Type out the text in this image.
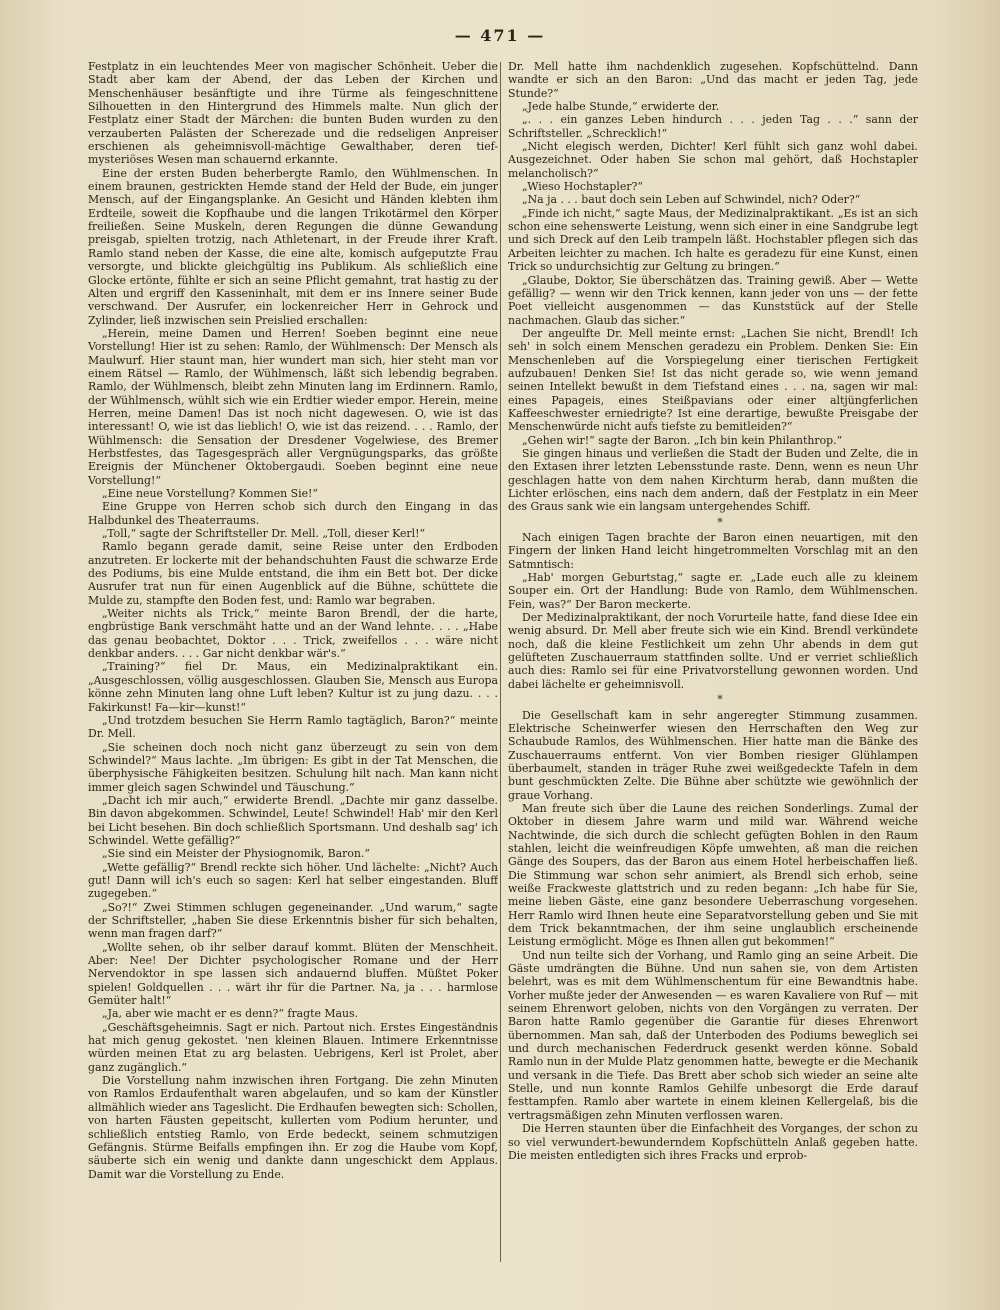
— 471 —

Festplatz in ein leuchtendes Meer von magischer Schönheit. Ueber die Stadt aber kam der Abend, der das Leben der Kirchen und Menschenhäuser besänftigte und ihre Türme als feingeschnittene Silhouetten in den Hintergrund des Himmels malte. Nun glich der Festplatz einer Stadt der Märchen: die bunten Buden wurden zu den verzauberten Palästen der Scherezade und die redseligen Anpreiser erschienen als geheimnisvoll-mächtige Gewalthaber, deren tief-mysteriöses Wesen man schauernd erkannte.

Eine der ersten Buden beherbergte Ramlo, den Wühlmenschen. In einem braunen, gestrickten Hemde stand der Held der Bude, ein junger Mensch, auf der Eingangsplanke. An Gesicht und Händen klebten ihm Erdteile, soweit die Kopfhaube und die langen Trikotärmel den Körper freiließen. Seine Muskeln, deren Regungen die dünne Gewandung preisgab, spielten trotzig, nach Athletenart, in der Freude ihrer Kraft. Ramlo stand neben der Kasse, die eine alte, komisch aufgeputzte Frau versorgte, und blickte gleichgültig ins Publikum. Als schließlich eine Glocke ertönte, fühlte er sich an seine Pflicht gemahnt, trat hastig zu der Alten und ergriff den Kasseninhalt, mit dem er ins Innere seiner Bude verschwand. Der Ausrufer, ein lockenreicher Herr in Gehrock und Zylinder, ließ inzwischen sein Preislied erschallen:

„Herein, meine Damen und Herren! Soeben beginnt eine neue Vorstellung! Hier ist zu sehen: Ramlo, der Wühlmensch: Der Mensch als Maulwurf. Hier staunt man, hier wundert man sich, hier steht man vor einem Rätsel — Ramlo, der Wühlmensch, läßt sich lebendig begraben. Ramlo, der Wühlmensch, bleibt zehn Minuten lang im Erdinnern. Ramlo, der Wühlmensch, wühlt sich wie ein Erdtier wieder empor. Herein, meine Herren, meine Damen! Das ist noch nicht dagewesen. O, wie ist das interessant! O, wie ist das lieblich! O, wie ist das reizend. . . . Ramlo, der Wühlmensch: die Sensation der Dresdener Vogelwiese, des Bremer Herbstfestes, das Tagesgespräch aller Vergnügungsparks, das größte Ereignis der Münchener Oktobergaudi. Soeben beginnt eine neue Vorstellung!“

„Eine neue Vorstellung? Kommen Sie!“

Eine Gruppe von Herren schob sich durch den Eingang in das Halbdunkel des Theaterraums.

„Toll,“ sagte der Schriftsteller Dr. Mell. „Toll, dieser Kerl!“

Ramlo begann gerade damit, seine Reise unter den Erdboden anzutreten. Er lockerte mit der behandschuhten Faust die schwarze Erde des Podiums, bis eine Mulde entstand, die ihm ein Bett bot. Der dicke Ausrufer trat nun für einen Augenblick auf die Bühne, schüttete die Mulde zu, stampfte den Boden fest, und: Ramlo war begraben.

„Weiter nichts als Trick,“ meinte Baron Brendl, der die harte, engbrüstige Bank verschmäht hatte und an der Wand lehnte. . . . „Habe das genau beobachtet, Doktor . . . Trick, zweifellos . . . wäre nicht denkbar anders. . . . Gar nicht denkbar wär's.“

„Training?“ fiel Dr. Maus, ein Medizinalpraktikant ein. „Ausgeschlossen, völlig ausgeschlossen. Glauben Sie, Mensch aus Europa könne zehn Minuten lang ohne Luft leben? Kultur ist zu jung dazu. . . . Fakirkunst! Fa—kir—kunst!“

„Und trotzdem besuchen Sie Herrn Ramlo tagtäglich, Baron?“ meinte Dr. Mell.

„Sie scheinen doch noch nicht ganz überzeugt zu sein von dem Schwindel?“ Maus lachte. „Im übrigen: Es gibt in der Tat Menschen, die überphysische Fähigkeiten besitzen. Schulung hilt nach. Man kann nicht immer gleich sagen Schwindel und Täuschung.“

„Dacht ich mir auch,“ erwiderte Brendl. „Dachte mir ganz dasselbe. Bin davon abgekommen. Schwindel, Leute! Schwindel! Hab' mir den Kerl bei Licht besehen. Bin doch schließlich Sportsmann. Und deshalb sag' ich Schwindel. Wette gefällig?“

„Sie sind ein Meister der Physiognomik, Baron.“

„Wette gefällig?“ Brendl reckte sich höher. Und lächelte: „Nicht? Auch gut! Dann will ich's euch so sagen: Kerl hat selber eingestanden. Bluff zugegeben.“

„So?!“ Zwei Stimmen schlugen gegeneinander. „Und warum,“ sagte der Schriftsteller, „haben Sie diese Erkenntnis bisher für sich behalten, wenn man fragen darf?“

„Wollte sehen, ob ihr selber darauf kommt. Blüten der Menschheit. Aber: Nee! Der Dichter psychologischer Romane und der Herr Nervendoktor in spe lassen sich andauernd bluffen. Müßtet Poker spielen! Goldquellen . . . wärt ihr für die Partner. Na, ja . . . harmlose Gemüter halt!“

„Ja, aber wie macht er es denn?“ fragte Maus.

„Geschäftsgeheimnis. Sagt er nich. Partout nich. Erstes Eingeständnis hat mich genug gekostet. 'nen kleinen Blauen. Intimere Erkenntnisse würden meinen Etat zu arg belasten. Uebrigens, Kerl ist Prolet, aber ganz zugänglich.“

Die Vorstellung nahm inzwischen ihren Fortgang. Die zehn Minuten von Ramlos Erdaufenthalt waren abgelaufen, und so kam der Künstler allmählich wieder ans Tageslicht. Die Erdhaufen bewegten sich: Schollen, von harten Fäusten gepeitscht, kullerten vom Podium herunter, und schließlich entstieg Ramlo, von Erde bedeckt, seinem schmutzigen Gefängnis. Stürme Beifalls empfingen ihn. Er zog die Haube vom Kopf, säuberte sich ein wenig und dankte dann ungeschickt dem Applaus. Damit war die Vorstellung zu Ende.

Dr. Mell hatte ihm nachdenklich zugesehen. Kopfschüttelnd. Dann wandte er sich an den Baron: „Und das macht er jeden Tag, jede Stunde?“

„Jede halbe Stunde,“ erwiderte der.

„. . . ein ganzes Leben hindurch . . . jeden Tag . . .“ sann der Schriftsteller. „Schrecklich!“

„Nicht elegisch werden, Dichter! Kerl fühlt sich ganz wohl dabei. Ausgezeichnet. Oder haben Sie schon mal gehört, daß Hochstapler melancholisch?“

„Wieso Hochstapler?“

„Na ja . . . baut doch sein Leben auf Schwindel, nich? Oder?“

„Finde ich nicht,“ sagte Maus, der Medizinalpraktikant. „Es ist an sich schon eine sehenswerte Leistung, wenn sich einer in eine Sandgrube legt und sich Dreck auf den Leib trampeln läßt. Hochstabler pflegen sich das Arbeiten leichter zu machen. Ich halte es geradezu für eine Kunst, einen Trick so undurchsichtig zur Geltung zu bringen.“

„Glaube, Doktor, Sie überschätzen das. Training gewiß. Aber — Wette gefällig? — wenn wir den Trick kennen, kann jeder von uns — der fette Poet vielleicht ausgenommen — das Kunststück auf der Stelle nachmachen. Glaub das sicher.“

Der angeulfte Dr. Mell meinte ernst: „Lachen Sie nicht, Brendl! Ich seh' in solch einem Menschen geradezu ein Problem. Denken Sie: Ein Menschenleben auf die Vorspiegelung einer tierischen Fertigkeit aufzubauen! Denken Sie! Ist das nicht gerade so, wie wenn jemand seinen Intellekt bewußt in dem Tiefstand eines . . . na, sagen wir mal: eines Papageis, eines Steißpavians oder einer altjüngferlichen Kaffeeschwester erniedrigte? Ist eine derartige, bewußte Preisgabe der Menschenwürde nicht aufs tiefste zu bemitleiden?“

„Gehen wir!“ sagte der Baron. „Ich bin kein Philanthrop.“

Sie gingen hinaus und verließen die Stadt der Buden und Zelte, die in den Extasen ihrer letzten Lebensstunde raste. Denn, wenn es neun Uhr geschlagen hatte von dem nahen Kirchturm herab, dann mußten die Lichter erlöschen, eins nach dem andern, daß der Festplatz in ein Meer des Graus sank wie ein langsam untergehendes Schiff.

*

Nach einigen Tagen brachte der Baron einen neuartigen, mit den Fingern der linken Hand leicht hingetrommelten Vorschlag mit an den Satmntisch:

„Hab' morgen Geburtstag,“ sagte er. „Lade euch alle zu kleinem Souper ein. Ort der Handlung: Bude von Ramlo, dem Wühlmenschen. Fein, was?“ Der Baron meckerte.

Der Medizinalpraktikant, der noch Vorurteile hatte, fand diese Idee ein wenig absurd. Dr. Mell aber freute sich wie ein Kind. Brendl verkündete noch, daß die kleine Festlichkeit um zehn Uhr abends in dem gut gelüfteten Zuschauerraum stattfinden sollte. Und er verriet schließlich auch dies: Ramlo sei für eine Privatvorstellung gewonnen worden. Und dabei lächelte er geheimnisvoll.

*

Die Gesellschaft kam in sehr angeregter Stimmung zusammen. Elektrische Scheinwerfer wiesen den Herrschaften den Weg zur Schaubude Ramlos, des Wühlmenschen. Hier hatte man die Bänke des Zuschauerraums entfernt. Von vier Bomben riesiger Glühlampen überbaumelt, standen in träger Ruhe zwei weißgedeckte Tafeln in dem bunt geschmückten Zelte. Die Bühne aber schützte wie gewöhnlich der graue Vorhang.

Man freute sich über die Laune des reichen Sonderlings. Zumal der Oktober in diesem Jahre warm und mild war. Während weiche Nachtwinde, die sich durch die schlecht gefügten Bohlen in den Raum stahlen, leicht die weinfreudigen Köpfe umwehten, aß man die reichen Gänge des Soupers, das der Baron aus einem Hotel herbeischaffen ließ. Die Stimmung war schon sehr animiert, als Brendl sich erhob, seine weiße Frackweste glattstrich und zu reden begann: „Ich habe für Sie, meine lieben Gäste, eine ganz besondere Ueberraschung vorgesehen. Herr Ramlo wird Ihnen heute eine Separatvorstellung geben und Sie mit dem Trick bekanntmachen, der ihm seine unglaublich erscheinende Leistung ermöglicht. Möge es Ihnen allen gut bekommen!“

Und nun teilte sich der Vorhang, und Ramlo ging an seine Arbeit. Die Gäste umdrängten die Bühne. Und nun sahen sie, von dem Artisten belehrt, was es mit dem Wühlmenschentum für eine Bewandtnis habe. Vorher mußte jeder der Anwesenden — es waren Kavaliere von Ruf — mit seinem Ehrenwort geloben, nichts von den Vorgängen zu verraten. Der Baron hatte Ramlo gegenüber die Garantie für dieses Ehrenwort übernommen. Man sah, daß der Unterboden des Podiums beweglich sei und durch mechanischen Federdruck gesenkt werden könne. Sobald Ramlo nun in der Mulde Platz genommen hatte, bewegte er die Mechanik und versank in die Tiefe. Das Brett aber schob sich wieder an seine alte Stelle, und nun konnte Ramlos Gehilfe unbesorgt die Erde darauf festtampfen. Ramlo aber wartete in einem kleinen Kellergelaß, bis die vertragsmäßigen zehn Minuten verflossen waren.

Die Herren staunten über die Einfachheit des Vorganges, der schon zu so viel verwundert-bewunderndem Kopfschütteln Anlaß gegeben hatte. Die meisten entledigten sich ihres Fracks und erprob-
